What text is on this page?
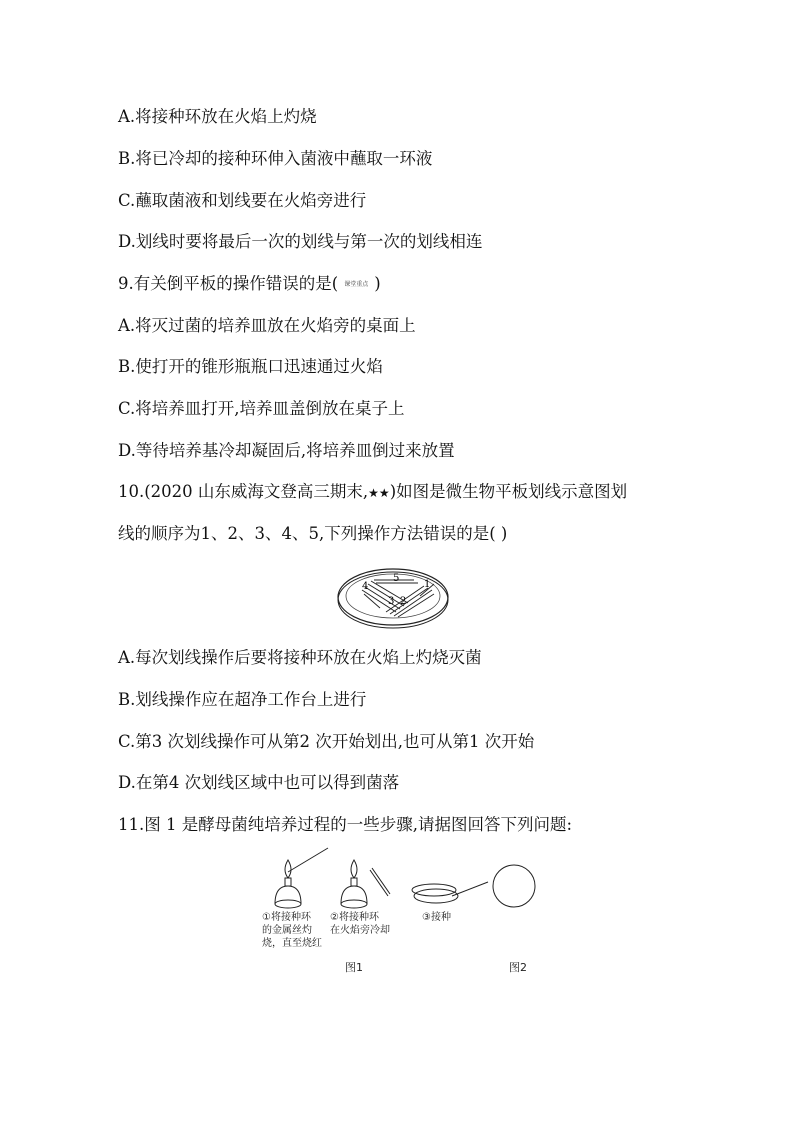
A.将接种环放在火焰上灼烧
B.将已冷却的接种环伸入菌液中蘸取一环液
C.蘸取菌液和划线要在火焰旁进行
D.划线时要将最后一次的划线与第一次的划线相连
9.有关倒平板的操作错误的是( 课堂重点 )
A.将灭过菌的培养皿放在火焰旁的桌面上
B.使打开的锥形瓶瓶口迅速通过火焰
C.将培养皿打开,培养皿盖倒放在桌子上
D.等待培养基冷却凝固后,将培养皿倒过来放置
10.(2020 山东威海文登高三期末,★★)如图是微生物平板划线示意图划
线的顺序为1、2、3、4、5,下列操作方法错误的是( )
1
2
3
4
5
A.每次划线操作后要将接种环放在火焰上灼烧灭菌
B.划线操作应在超净工作台上进行
C.第3 次划线操作可从第2 次开始划出,也可从第1 次开始
D.在第4 次划线区域中也可以得到菌落
11.图 1 是酵母菌纯培养过程的一些步骤,请据图回答下列问题:
①将接种环
的金属丝灼
烧，直至烧红
②将接种环
在火焰旁冷却
③接种
图1	图2
